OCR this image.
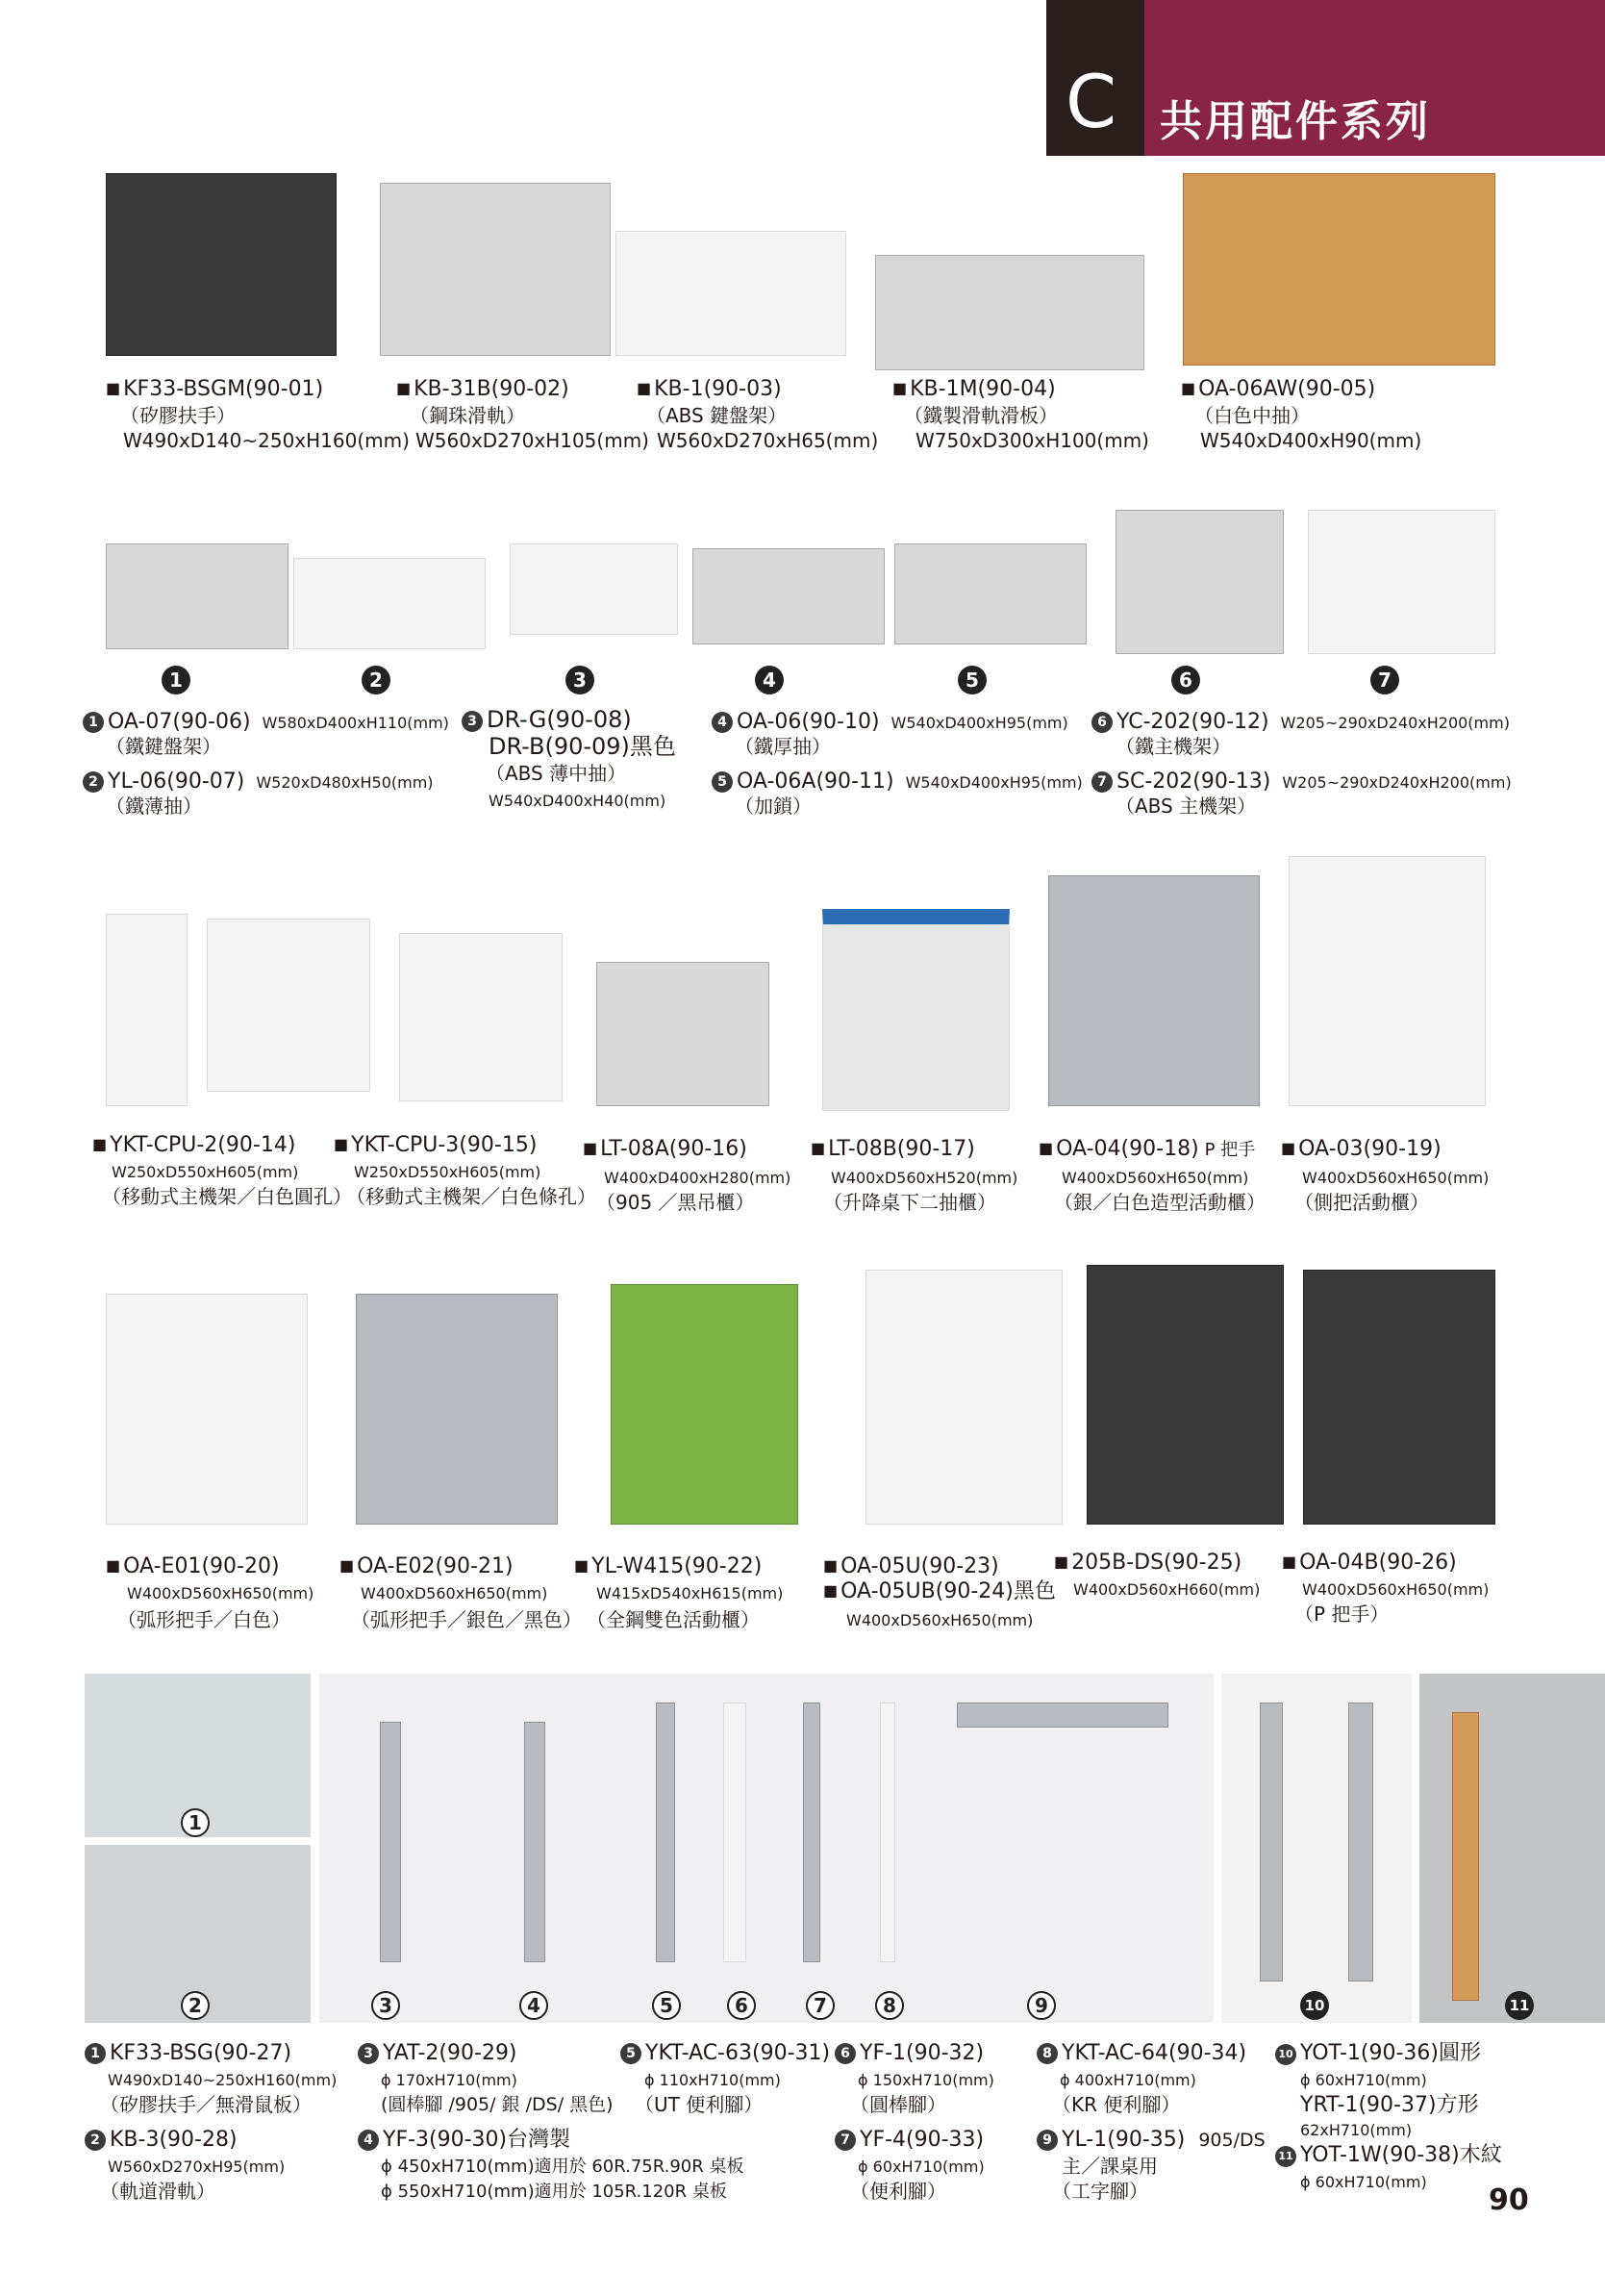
C 共用配件系列
■ KF33-BSGM(90-01)
（矽膠扶手）
W490xD140~250xH160(mm)
■ KB-31B(90-02)
（鋼珠滑軌）
W560xD270xH105(mm)
■ KB-1(90-03)
（ABS 鍵盤架）
W560xD270xH65(mm)
■ KB-1M(90-04)
（鐵製滑軌滑板）
W750xD300xH100(mm)
■ OA-06AW(90-05)
（白色中抽）
W540xD400xH90(mm)
1	2	3	4	5	6	7
1 OA-07(90-06) W580xD400xH110(mm)
（鐵鍵盤架）
2 YL-06(90-07) W520xD480xH50(mm)
（鐵薄抽）
3 DR-G(90-08)
DR-B(90-09)黑色
（ABS 薄中抽）
W540xD400xH40(mm)
4 OA-06(90-10) W540xD400xH95(mm)
（鐵厚抽）
5 OA-06A(90-11) W540xD400xH95(mm)
（加鎖）
6 YC-202(90-12) W205~290xD240xH200(mm)
（鐵主機架）
7 SC-202(90-13) W205~290xD240xH200(mm)
（ABS 主機架）
■ YKT-CPU-2(90-14)
W250xD550xH605(mm)
（移動式主機架／白色圓孔）
■ YKT-CPU-3(90-15)
W250xD550xH605(mm)
（移動式主機架／白色條孔）
■ LT-08A(90-16)
W400xD400xH280(mm)
（905 ／黑吊櫃）
■ LT-08B(90-17)
W400xD560xH520(mm)
（升降桌下二抽櫃）
■ OA-04(90-18) P 把手
W400xD560xH650(mm)
（銀／白色造型活動櫃）
■ OA-03(90-19)
W400xD560xH650(mm)
（側把活動櫃）
■ OA-E01(90-20)
W400xD560xH650(mm)
（弧形把手／白色）
■ OA-E02(90-21)
W400xD560xH650(mm)
（弧形把手／銀色／黑色）
■ YL-W415(90-22)
W415xD540xH615(mm)
（全鋼雙色活動櫃）
■ OA-05U(90-23)
■ OA-05UB(90-24)黑色
W400xD560xH650(mm)
■ 205B-DS(90-25)
W400xD560xH660(mm)
■ OA-04B(90-26)
W400xD560xH650(mm)
（P 把手）
1
2	3	4	5	6	7	8	9	10	11
1 KF33-BSG(90-27)
W490xD140~250xH160(mm)
（矽膠扶手／無滑鼠板）
2 KB-3(90-28)
W560xD270xH95(mm)
（軌道滑軌）
3 YAT-2(90-29)
ϕ 170xH710(mm)
(圓棒腳 /905/ 銀 /DS/ 黑色)
4 YF-3(90-30)台灣製
ϕ 450xH710(mm)適用於 60R.75R.90R 桌板
ϕ 550xH710(mm)適用於 105R.120R 桌板
5 YKT-AC-63(90-31)
ϕ 110xH710(mm)
（UT 便利腳）
6 YF-1(90-32)
ϕ 150xH710(mm)
（圓棒腳）
7 YF-4(90-33)
ϕ 60xH710(mm)
（便利腳）
8 YKT-AC-64(90-34)
ϕ 400xH710(mm)
（KR 便利腳）
9 YL-1(90-35) 905/DS
主／課桌用
（工字腳）
10 YOT-1(90-36)圓形
ϕ 60xH710(mm)
YRT-1(90-37)方形
62xH710(mm)
11 YOT-1W(90-38)木紋
ϕ 60xH710(mm)
90
